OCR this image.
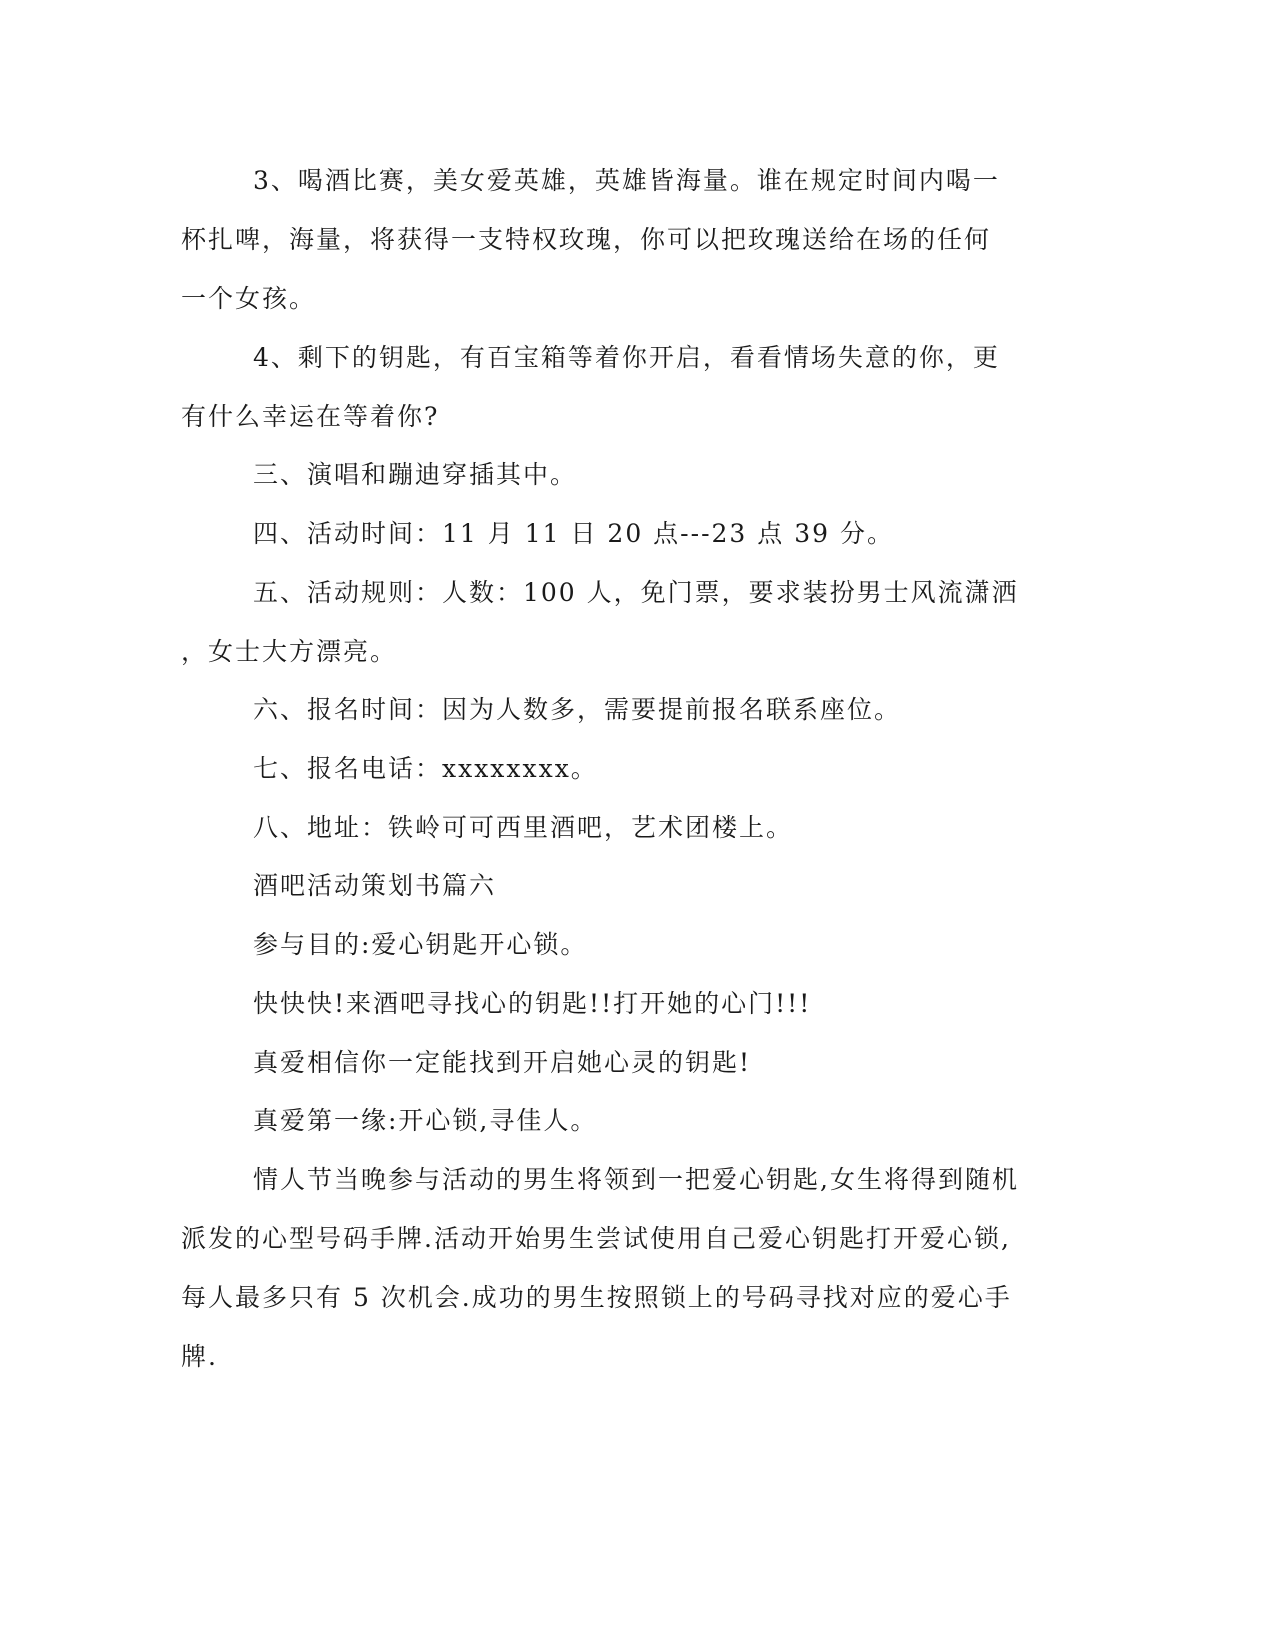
3、喝酒比赛，美女爱英雄，英雄皆海量。谁在规定时间内喝一
杯扎啤，海量，将获得一支特权玫瑰，你可以把玫瑰送给在场的任何
一个女孩。
4、剩下的钥匙，有百宝箱等着你开启，看看情场失意的你，更
有什么幸运在等着你?
三、演唱和蹦迪穿插其中。
四、活动时间：11 月 11 日 20 点---23 点 39 分。
五、活动规则：人数：100 人，免门票，要求装扮男士风流潇洒
，女士大方漂亮。
六、报名时间：因为人数多，需要提前报名联系座位。
七、报名电话：xxxxxxxx。
八、地址：铁岭可可西里酒吧，艺术团楼上。
酒吧活动策划书篇六
参与目的:爱心钥匙开心锁。
快快快!来酒吧寻找心的钥匙!!打开她的心门!!!
真爱相信你一定能找到开启她心灵的钥匙!
真爱第一缘:开心锁,寻佳人。
情人节当晚参与活动的男生将领到一把爱心钥匙,女生将得到随机
派发的心型号码手牌.活动开始男生尝试使用自己爱心钥匙打开爱心锁,
每人最多只有 5 次机会.成功的男生按照锁上的号码寻找对应的爱心手
牌.
